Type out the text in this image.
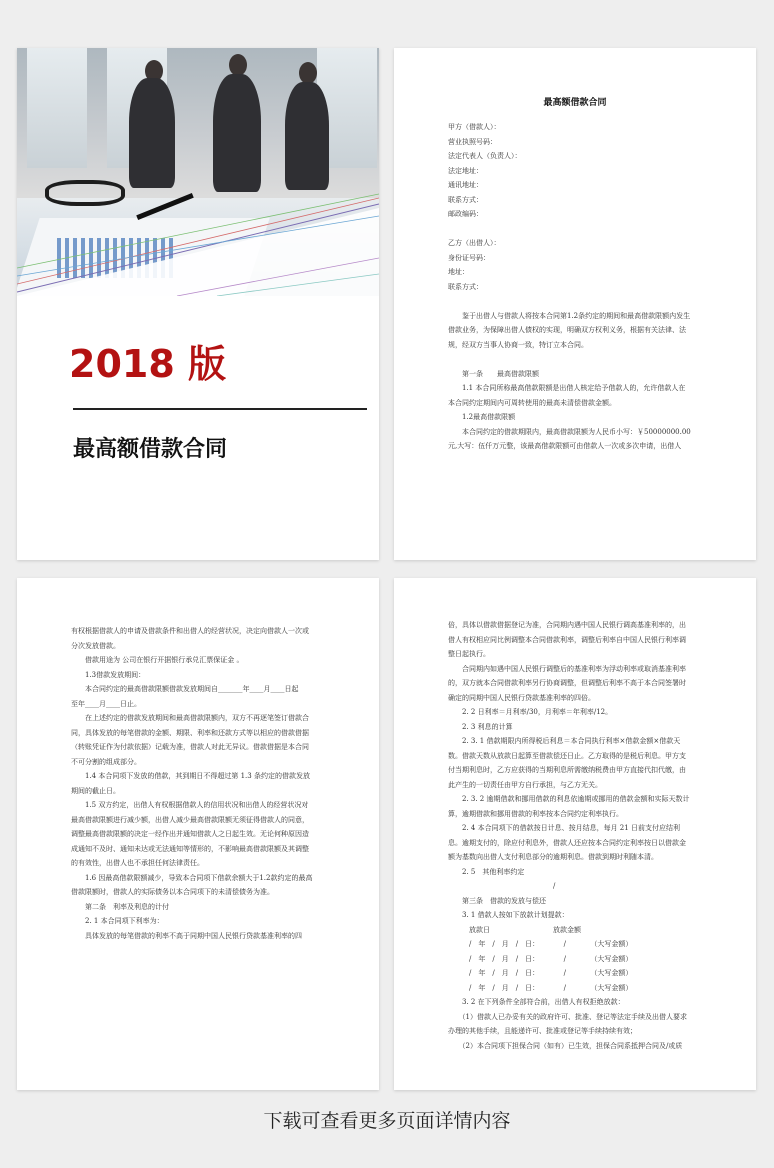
2018 版
最高额借款合同
最高额借款合同
甲方（借款人）：
营业执照号码：
法定代表人（负责人）：
法定地址：
通讯地址：
联系方式：
邮政编码：
乙方（出借人）：
身份证号码：
地址：
联系方式：
　　鉴于出借人与借款人将按本合同第1.2条约定的期间和最高借款限额内发生
借款业务，为保障出借人债权的实现，明确双方权利义务，根据有关法律、法
规，经双方当事人协商一致，特订立本合同。
　　第一条　　最高借款限额
　　1.1 本合同所称最高借款限额是出借人核定给予借款人的，允许借款人在
本合同约定期间内可周转使用的最高未清偿借款金额。
　　1.2最高借款限额
　　本合同约定的借款期限内，最高借款限额为人民币小写：￥50000000.00
元,大写：伍仟万元整，该最高借款限额可由借款人一次或多次申请，出借人
有权根据借款人的申请及借款条件和出借人的经营状况，决定向借款人一次或
分次发放借款。
　　借款用途为 公司在银行开据银行承兑汇票保证金 。
　　1.3借款发放期间：
　　本合同约定的最高借款限额借款发放期间自_______年____月____日起
至年____月____日止。
　　在上述约定的借款发放期间和最高借款限额内，双方不再逐笔签订借款合
同，具体发放的每笔借款的金额、期限、利率和还款方式等以相应的借款借据
（转账凭证作为付款依据）记载为准，借款人对此无异议。借款借据是本合同
不可分割的组成部分。
　　1.4 本合同项下发放的借款，其到期日不得超过第 1.3 条约定的借款发放
期间的截止日。
　　1.5 双方约定，出借人有权根据借款人的信用状况和出借人的经营状况对
最高借款限额进行减少额，出借人减少最高借款限额无须征得借款人的同意，
调整最高借款限额的决定一经作出并通知借款人之日起生效。无论何种原因造
成通知不及时、通知未达或无法通知等情形的，不影响最高借款限额及其调整
的有效性，出借人也不承担任何法律责任。
　　1.6 因最高借款限额减少，导致本合同项下借款余额大于1.2款约定的最高
借款限额时，借款人的实际债务以本合同项下的未清偿债务为准。
　　第二条　利率及利息的计付
　　2. 1 本合同项下利率为：
　　具体发放的每笔借款的利率不高于同期中国人民银行贷款基准利率的四
倍，具体以借款借据登记为准，合同期内遇中国人民银行调高基准利率的，出
借人有权相应同比例调整本合同借款利率，调整后利率自中国人民银行利率调
整日起执行。
　　合同期内如遇中国人民银行调整后的基准利率为浮动利率或取消基准利率
的，双方就本合同借款利率另行协商调整，但调整后利率不高于本合同签署时
确定的同期中国人民银行贷款基准利率的四倍。
　　2. 2 日利率＝月利率/30，月利率＝年利率/12。
　　2. 3 利息的计算
　　2. 3. 1 借款期限内所得税后利息＝本合同执行利率×借款金额×借款天
数。借款天数从放款日起算至借款偿还日止。乙方取得的是税后利息。甲方支
付当期利息时，乙方应获得的当期利息所需缴纳税费由甲方直接代扣代缴，由
此产生的一切责任由甲方自行承担，与乙方无关。
　　2. 3. 2 逾期借款和挪用借款的利息依逾期或挪用的借款金额和实际天数计
算，逾期借款和挪用借款的利率按本合同约定利率执行。
　　2. 4 本合同项下的借款按日计息、按月结息，每月 21 日前支付应结利
息。逾期支付的，除应付利息外，借款人还应按本合同约定利率按日以借款金
额为基数向出借人支付利息部分的逾期利息。借款到期时利随本清。
　　2. 5　其他利率约定
　　　　　　　　　　　　　　　/
　　第三条　借款的发放与偿还
　　3. 1 借款人按如下放款计划提款：
　　　放款日　　　　　　　　　放款金额
　　　/　年　/　月　/　日：　　　　/　　　　（大写金额）
　　　/　年　/　月　/　日：　　　　/　　　　（大写金额）
　　　/　年　/　月　/　日：　　　　/　　　　（大写金额）
　　　/　年　/　月　/　日：　　　　/　　　　（大写金额）
　　3. 2 在下列条件全部符合前，出借人有权拒绝放款：
　　（1）借款人已办妥有关的政府许可、批准、登记等法定手续及出借人要求
办理的其他手续，且能递许可、批准或登记等手续持续有效；
　　（2）本合同项下担保合同（如有）已生效，担保合同系抵押合同及/或质
下载可查看更多页面详情内容
